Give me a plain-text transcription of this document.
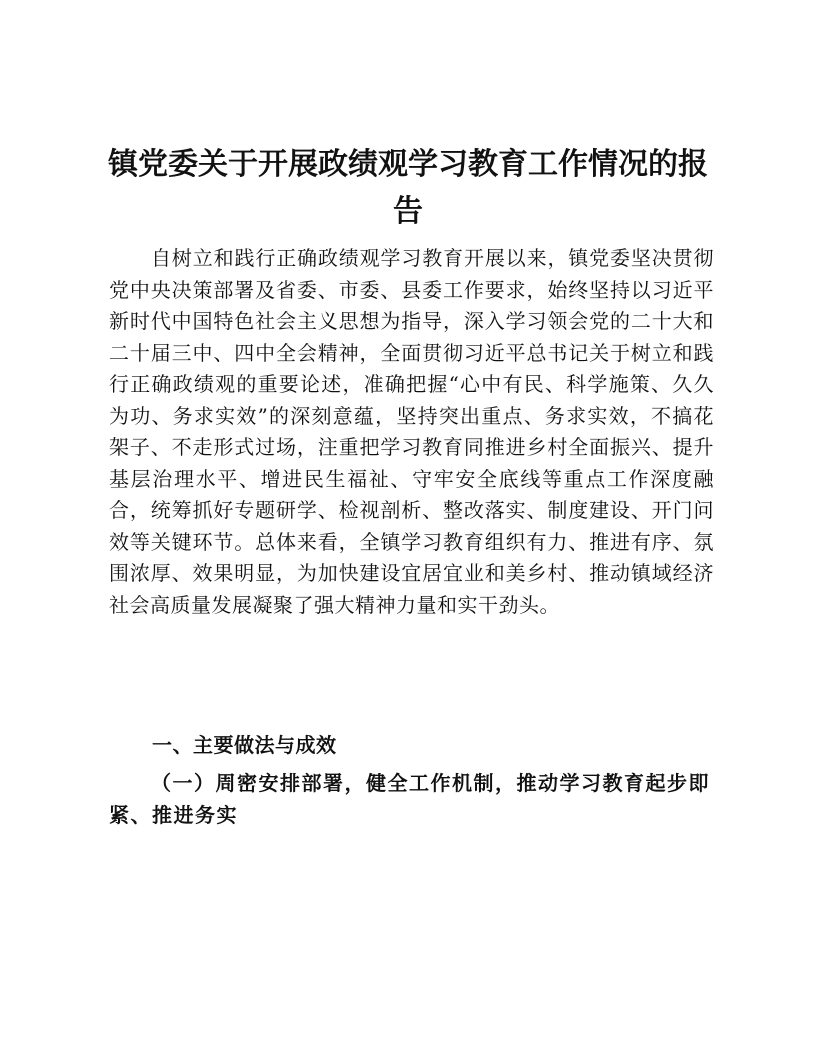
镇党委关于开展政绩观学习教育工作情况的报告

自树立和践行正确政绩观学习教育开展以来，镇党委坚决贯彻党中央决策部署及省委、市委、县委工作要求，始终坚持以习近平新时代中国特色社会主义思想为指导，深入学习领会党的二十大和二十届三中、四中全会精神，全面贯彻习近平总书记关于树立和践行正确政绩观的重要论述，准确把握“心中有民、科学施策、久久为功、务求实效”的深刻意蕴，坚持突出重点、务求实效，不搞花架子、不走形式过场，注重把学习教育同推进乡村全面振兴、提升基层治理水平、增进民生福祉、守牢安全底线等重点工作深度融合，统筹抓好专题研学、检视剖析、整改落实、制度建设、开门问效等关键环节。总体来看，全镇学习教育组织有力、推进有序、氛围浓厚、效果明显，为加快建设宜居宜业和美乡村、推动镇域经济社会高质量发展凝聚了强大精神力量和实干劲头。

一、主要做法与成效
（一）周密安排部署，健全工作机制，推动学习教育起步即紧、推进务实
